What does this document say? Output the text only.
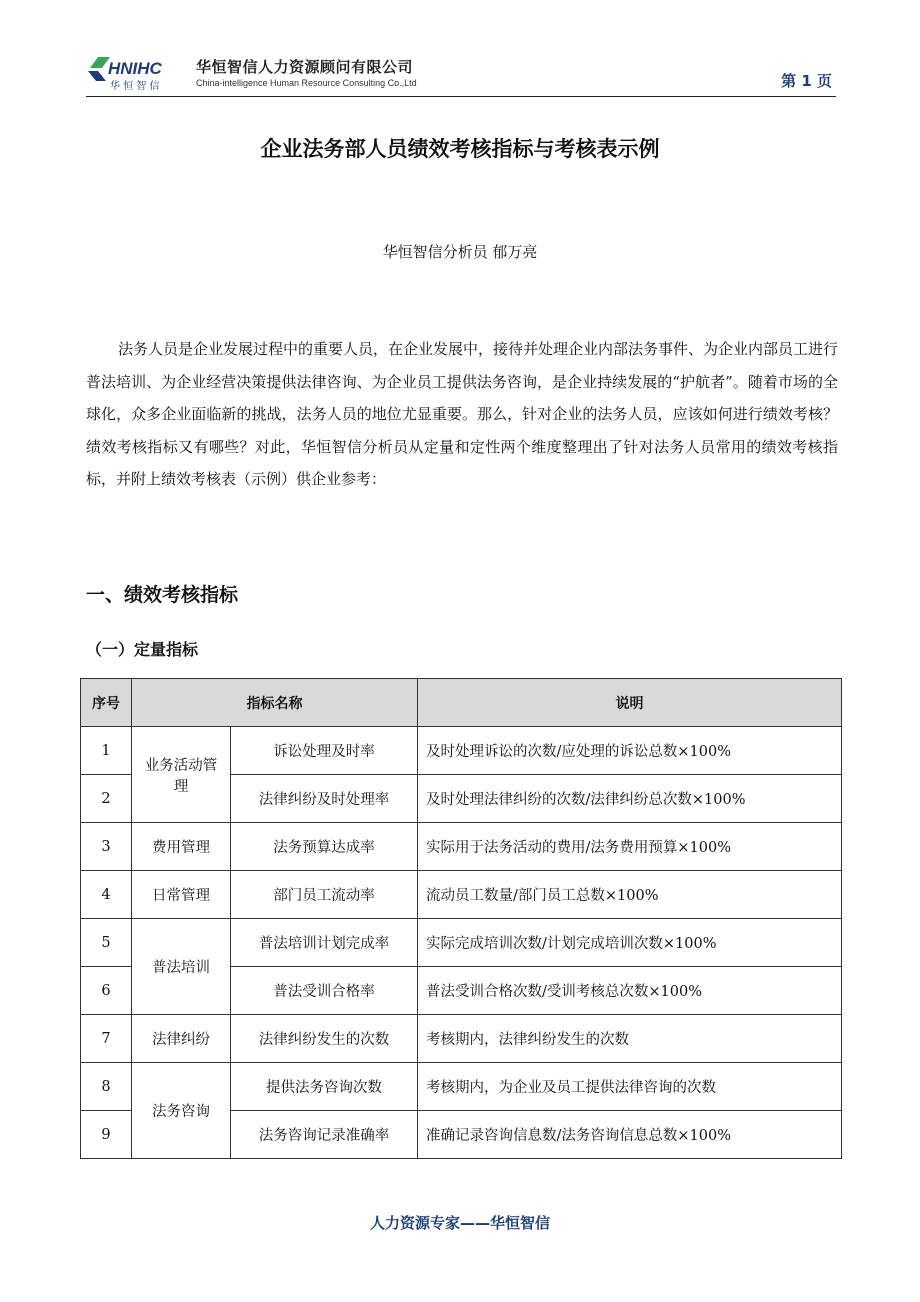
HNIHC
华 恒 智 信
华恒智信人力资源顾问有限公司
China-intelligence Human Resource Consulting Co.,Ltd	第 1 页
企业法务部人员绩效考核指标与考核表示例
华恒智信分析员 郁万亮

法务人员是企业发展过程中的重要人员，在企业发展中，接待并处理企业内部法务事件、为企业内部员工进行普法培训、为企业经营决策提供法律咨询、为企业员工提供法务咨询，是企业持续发展的“护航者”。随着市场的全球化，众多企业面临新的挑战，法务人员的地位尤显重要。那么，针对企业的法务人员，应该如何进行绩效考核？绩效考核指标又有哪些？对此，华恒智信分析员从定量和定性两个维度整理出了针对法务人员常用的绩效考核指标，并附上绩效考核表（示例）供企业参考：

一、绩效考核指标
（一）定量指标
序号	指标名称		说明
1	业务活动管理	诉讼处理及时率	及时处理诉讼的次数/应处理的诉讼总数×100%
2		法律纠纷及时处理率	及时处理法律纠纷的次数/法律纠纷总次数×100%
3	费用管理	法务预算达成率	实际用于法务活动的费用/法务费用预算×100%
4	日常管理	部门员工流动率	流动员工数量/部门员工总数×100%
5	普法培训	普法培训计划完成率	实际完成培训次数/计划完成培训次数×100%
6		普法受训合格率	普法受训合格次数/受训考核总次数×100%
7	法律纠纷	法律纠纷发生的次数	考核期内，法律纠纷发生的次数
8	法务咨询	提供法务咨询次数	考核期内，为企业及员工提供法律咨询的次数
9		法务咨询记录准确率	准确记录咨询信息数/法务咨询信息总数×100%
人力资源专家——华恒智信
